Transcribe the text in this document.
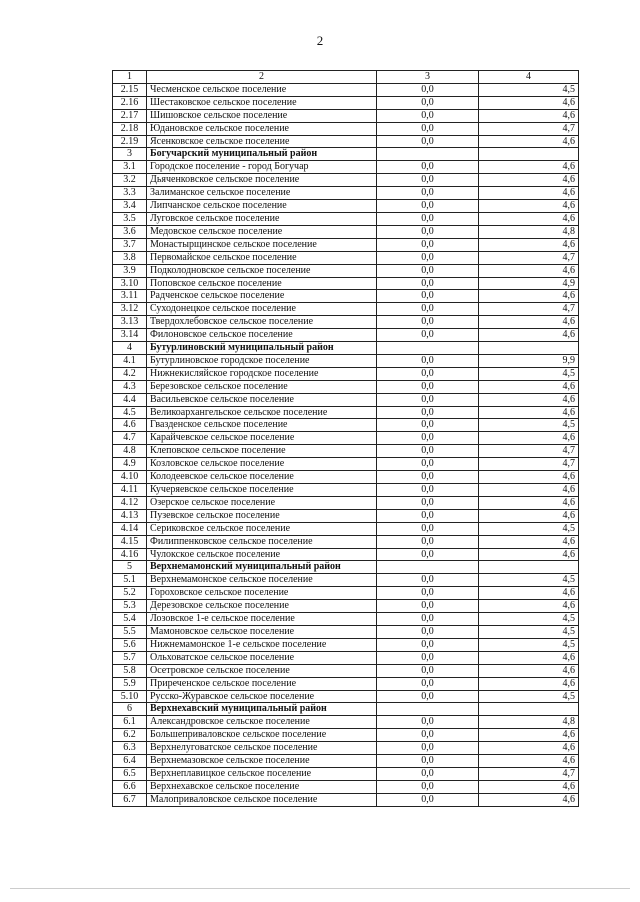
2
1	2	3	4
2.15	Чесменское сельское поселение	0,0	4,5
2.16	Шестаковское сельское поселение	0,0	4,6
2.17	Шишовское сельское поселение	0,0	4,6
2.18	Юдановское сельское поселение	0,0	4,7
2.19	Ясенковское сельское поселение	0,0	4,6
3	Богучарский муниципальный район		
3.1	Городское поселение - город Богучар	0,0	4,6
3.2	Дьяченковское сельское поселение	0,0	4,6
3.3	Залиманское сельское поселение	0,0	4,6
3.4	Липчанское сельское поселение	0,0	4,6
3.5	Луговское сельское поселение	0,0	4,6
3.6	Медовское сельское поселение	0,0	4,8
3.7	Монастырщинское сельское поселение	0,0	4,6
3.8	Первомайское сельское поселение	0,0	4,7
3.9	Подколодновское сельское поселение	0,0	4,6
3.10	Поповское сельское поселение	0,0	4,9
3.11	Радченское сельское поселение	0,0	4,6
3.12	Суходонецкое сельское поселение	0,0	4,7
3.13	Твердохлебовское сельское поселение	0,0	4,6
3.14	Филоновское сельское поселение	0,0	4,6
4	Бутурлиновский муниципальный район		
4.1	Бутурлиновское городское поселение	0,0	9,9
4.2	Нижнекисляйское городское поселение	0,0	4,5
4.3	Березовское сельское поселение	0,0	4,6
4.4	Васильевское сельское поселение	0,0	4,6
4.5	Великоархангельское сельское поселение	0,0	4,6
4.6	Гвазденское сельское поселение	0,0	4,5
4.7	Карайчевское сельское поселение	0,0	4,6
4.8	Клеповское сельское поселение	0,0	4,7
4.9	Козловское сельское поселение	0,0	4,7
4.10	Колодеевское сельское поселение	0,0	4,6
4.11	Кучеряевское сельское поселение	0,0	4,6
4.12	Озерское сельское поселение	0,0	4,6
4.13	Пузевское сельское поселение	0,0	4,6
4.14	Сериковское сельское поселение	0,0	4,5
4.15	Филиппенковское сельское поселение	0,0	4,6
4.16	Чулокское сельское поселение	0,0	4,6
5	Верхнемамонский муниципальный район		
5.1	Верхнемамонское сельское поселение	0,0	4,5
5.2	Гороховское сельское поселение	0,0	4,6
5.3	Дерезовское сельское поселение	0,0	4,6
5.4	Лозовское 1-е сельское поселение	0,0	4,5
5.5	Мамоновское сельское поселение	0,0	4,5
5.6	Нижнемамонское 1-е сельское поселение	0,0	4,5
5.7	Ольховатское сельское поселение	0,0	4,6
5.8	Осетровское сельское поселение	0,0	4,6
5.9	Приреченское сельское поселение	0,0	4,6
5.10	Русско-Журавское сельское поселение	0,0	4,5
6	Верхнехавский муниципальный район		
6.1	Александровское сельское поселение	0,0	4,8
6.2	Большеприваловское сельское поселение	0,0	4,6
6.3	Верхнелуговатское сельское поселение	0,0	4,6
6.4	Верхнемазовское сельское поселение	0,0	4,6
6.5	Верхнеплавицкое сельское поселение	0,0	4,7
6.6	Верхнехавское сельское поселение	0,0	4,6
6.7	Малоприваловское сельское поселение	0,0	4,6
